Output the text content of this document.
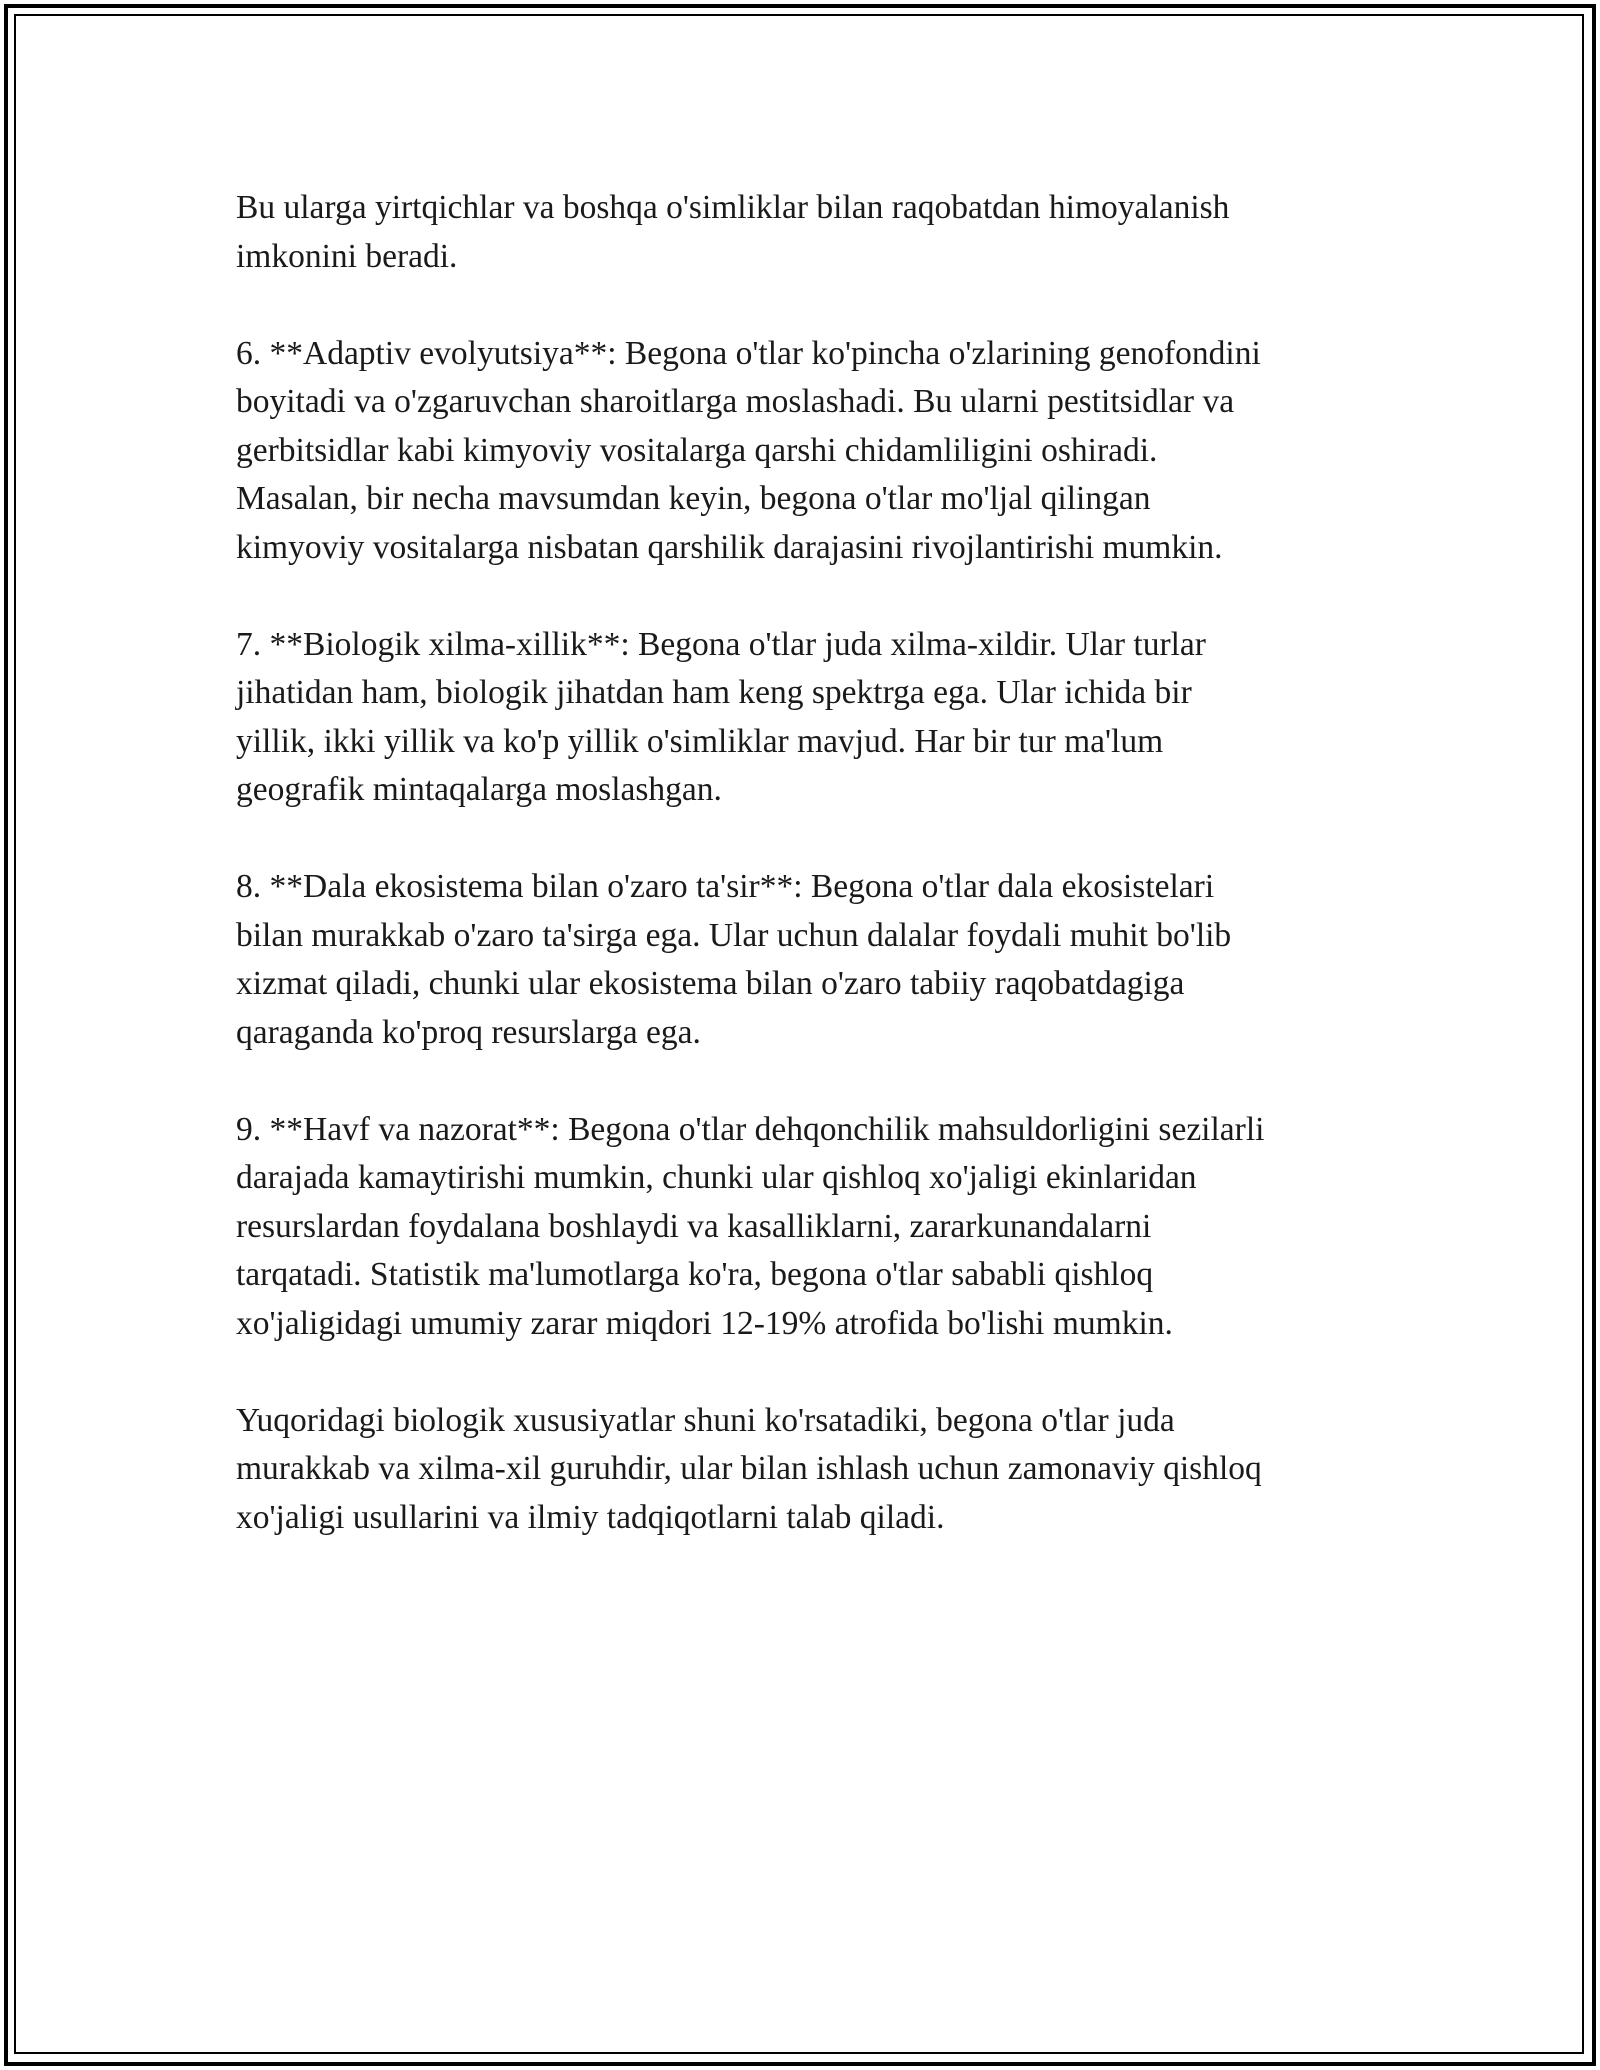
Bu ularga yirtqichlar va boshqa o'simliklar bilan raqobatdan himoyalanish
imkonini beradi.

6. **Adaptiv evolyutsiya**: Begona o'tlar ko'pincha o'zlarining genofondini
boyitadi va o'zgaruvchan sharoitlarga moslashadi. Bu ularni pestitsidlar va
gerbitsidlar kabi kimyoviy vositalarga qarshi chidamliligini oshiradi.
Masalan, bir necha mavsumdan keyin, begona o'tlar mo'ljal qilingan
kimyoviy vositalarga nisbatan qarshilik darajasini rivojlantirishi mumkin.

7. **Biologik xilma-xillik**: Begona o'tlar juda xilma-xildir. Ular turlar
jihatidan ham, biologik jihatdan ham keng spektrga ega. Ular ichida bir
yillik, ikki yillik va ko'p yillik o'simliklar mavjud. Har bir tur ma'lum
geografik mintaqalarga moslashgan.

8. **Dala ekosistema bilan o'zaro ta'sir**: Begona o'tlar dala ekosistelari
bilan murakkab o'zaro ta'sirga ega. Ular uchun dalalar foydali muhit bo'lib
xizmat qiladi, chunki ular ekosistema bilan o'zaro tabiiy raqobatdagiga
qaraganda ko'proq resurslarga ega.

9. **Havf va nazorat**: Begona o'tlar dehqonchilik mahsuldorligini sezilarli
darajada kamaytirishi mumkin, chunki ular qishloq xo'jaligi ekinlaridan
resurslardan foydalana boshlaydi va kasalliklarni, zararkunandalarni
tarqatadi. Statistik ma'lumotlarga ko'ra, begona o'tlar sababli qishloq
xo'jaligidagi umumiy zarar miqdori 12-19% atrofida bo'lishi mumkin.

Yuqoridagi biologik xususiyatlar shuni ko'rsatadiki, begona o'tlar juda
murakkab va xilma-xil guruhdir, ular bilan ishlash uchun zamonaviy qishloq
xo'jaligi usullarini va ilmiy tadqiqotlarni talab qiladi.
